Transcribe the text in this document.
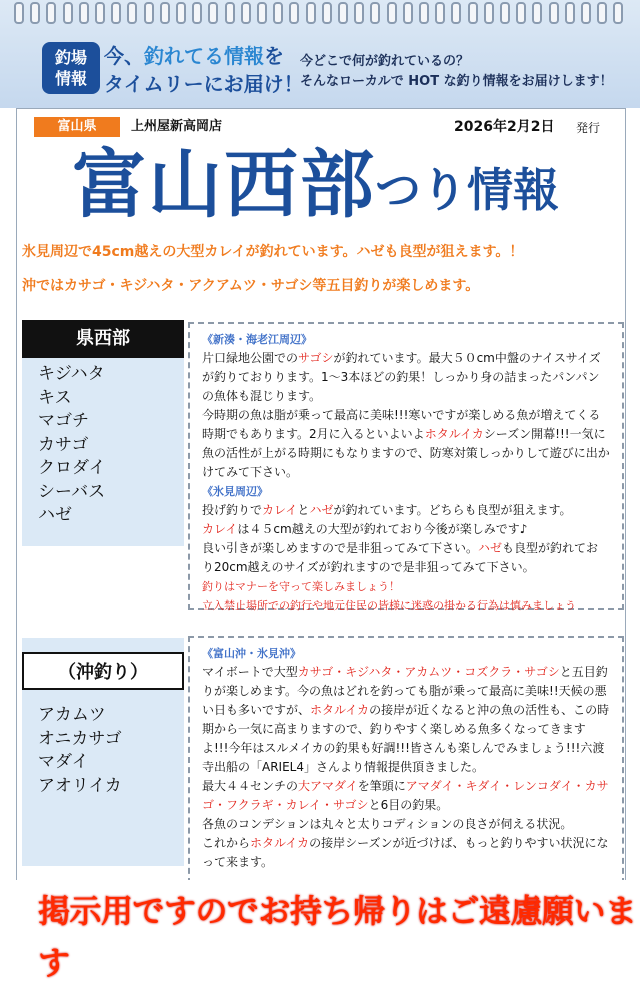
釣場
情報
今、釣れてる情報を
タイムリーにお届け！
今どこで何が釣れているの？
そんなローカルで HOT な釣り情報をお届けします！
富山県	上州屋新高岡店	2026年2月2日 発行
富山西部 つり情報
氷見周辺で45cm越えの大型カレイが釣れています。ハゼも良型が狙えます。！
沖ではカサゴ・キジハタ・アクアムツ・サゴシ等五目釣りが楽しめます。
県西部
キジハタ
キス
マゴチ
カサゴ
クロダイ
シーバス
ハゼ
《新湊・海老江周辺》
片口緑地公園でのサゴシが釣れています。最大５０cm中盤のナイスサイズが釣りておりります。1～3本ほどの釣果！しっかり身の詰まったパンパンの魚体も混じります。
今時期の魚は脂が乗って最高に美味!!!寒いですが楽しめる魚が増えてくる時期でもあります。2月に入るといよいよホタルイカシーズン開幕!!!一気に魚の活性が上がる時期にもなりますので、防寒対策しっかりして遊びに出かけてみて下さい。
《氷見周辺》
投げ釣りでカレイとハゼが釣れています。どちらも良型が狙えます。
カレイは４５cm越えの大型が釣れており今後が楽しみです♪
良い引きが楽しめますので是非狙ってみて下さい。ハゼも良型が釣れており20cm越えのサイズが釣れますので是非狙ってみて下さい。
釣りはマナーを守って楽しみましょう！
立入禁止場所での釣行や地元住民の皆様に迷惑の掛かる行為は慎みましょう
（沖釣り）
アカムツ
オニカサゴ
マダイ
アオリイカ
《富山沖・氷見沖》
マイボートで大型カサゴ・キジハタ・アカムツ・コズクラ・サゴシと五目釣りが楽しめます。今の魚はどれを釣っても脂が乗って最高に美味!!天候の悪い日も多いですが、ホタルイカの接岸が近くなると沖の魚の活性も、この時期から一気に高まりますので、釣りやすく楽しめる魚多くなってきますよ!!!今年はスルメイカの釣果も好調!!!皆さんも楽しんでみましょう!!!六渡寺出船の「ARIEL4」さんより情報提供頂きました。
最大４４センチの大アマダイを筆頭にアマダイ・キダイ・レンコダイ・カサゴ・フクラギ・カレイ・サゴシと6目の釣果。
各魚のコンデションは丸々と太りコディションの良さが伺える状況。
これからホタルイカの接岸シーズンが近づけば、もっと釣りやすい状況になって来ます。
掲示用ですのでお持ち帰りはご遠慮願います
